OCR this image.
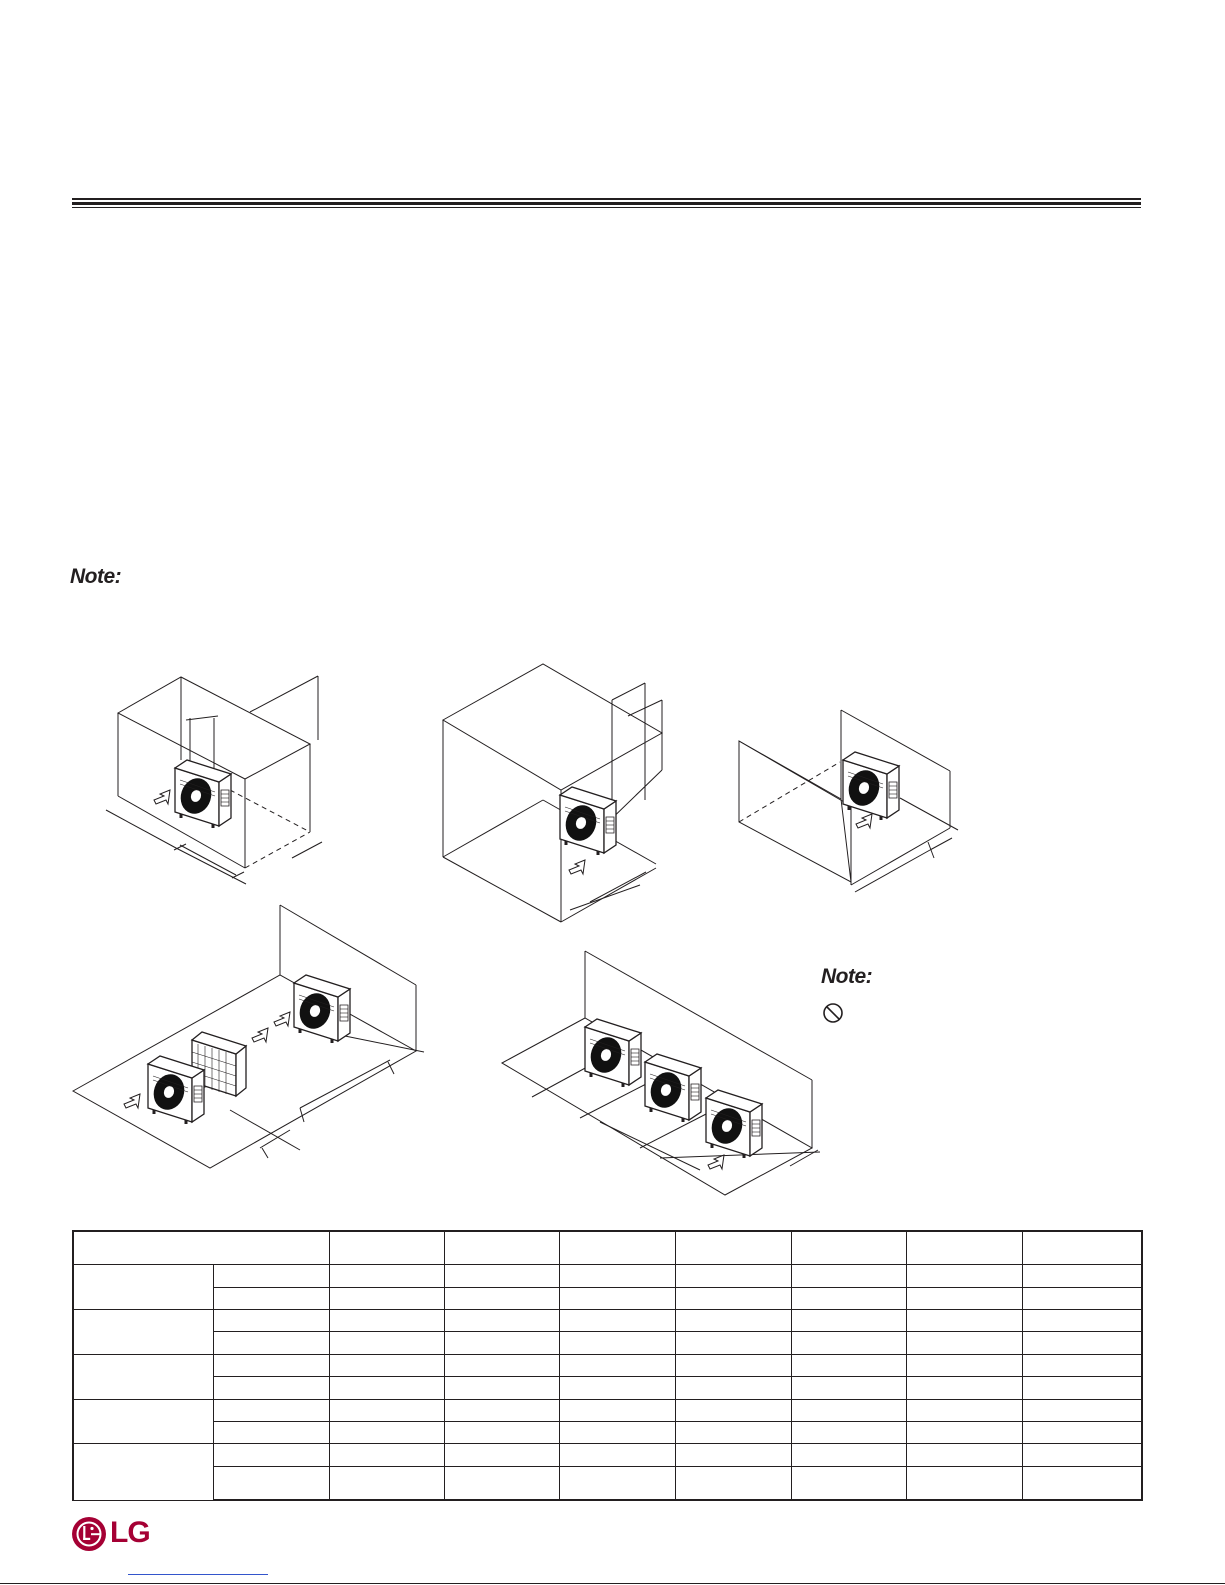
Note:
Note:

LG
